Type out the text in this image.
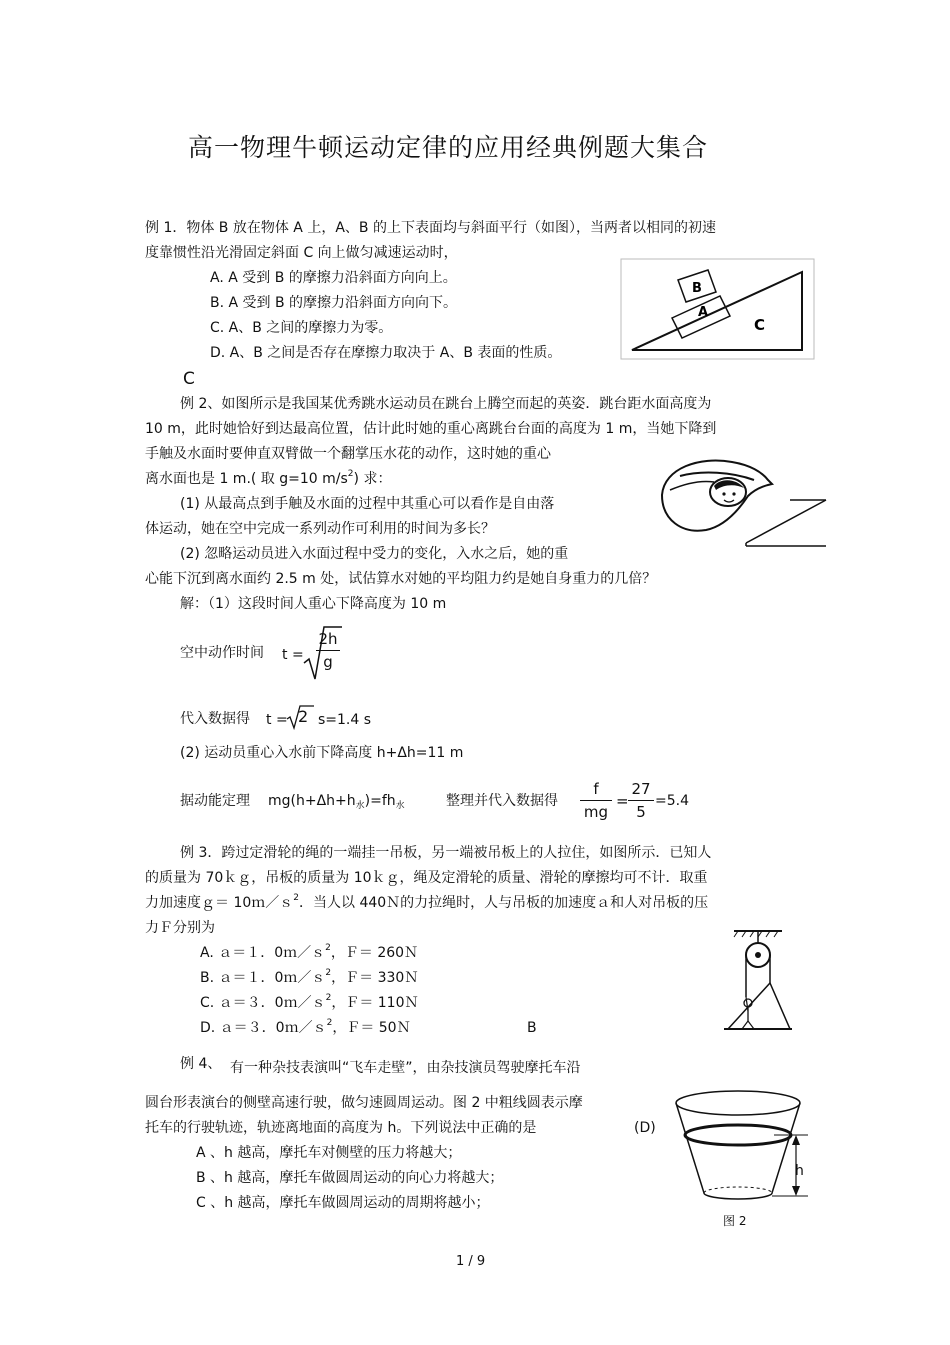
高一物理牛顿运动定律的应用经典例题大集合
例 1．物体 B 放在物体 A 上，A、B 的上下表面均与斜面平行（如图），当两者以相同的初速
度靠惯性沿光滑固定斜面 C 向上做匀减速运动时，
A. A 受到 B 的摩擦力沿斜面方向向上。
B. A 受到 B 的摩擦力沿斜面方向向下。
C. A、B 之间的摩擦力为零。
D. A、B 之间是否存在摩擦力取决于 A、B 表面的性质。
C
B
A
C
例 2、如图所示是我国某优秀跳水运动员在跳台上腾空而起的英姿．跳台距水面高度为
10 m，此时她恰好到达最高位置，估计此时她的重心离跳台台面的高度为 1 m，当她下降到
手触及水面时要伸直双臂做一个翻掌压水花的动作，这时她的重心
离水面也是 1 m.( 取 g=10 $m/s^2$) 求：
(1) 从最高点到手触及水面的过程中其重心可以看作是自由落
体运动，她在空中完成一系列动作可利用的时间为多长？
(2) 忽略运动员进入水面过程中受力的变化，入水之后，她的重
心能下沉到离水面约 2.5 m 处，试估算水对她的平均阻力约是她自身重力的几倍？
解：（1）这段时间人重心下降高度为 10 m
空中动作时间 t =
2h
g
代入数据得 t = 2 s=1.4 s
(2) 运动员重心入水前下降高度 h+Δh=11 m
据动能定理 $mg(h+\Delta h+h_水)=fh_水$	整理并代入数据得
f
mg
=
27
5
=5.4
例 3．跨过定滑轮的绳的一端挂一吊板，另一端被吊板上的人拉住，如图所示．已知人
的质量为 70ｋｇ，吊板的质量为 10ｋｇ，绳及定滑轮的质量、滑轮的摩擦均可不计．取重
力加速度ｇ＝ 10ｍ／ｓ$^2$．当人以 440Ｎ的力拉绳时，人与吊板的加速度ａ和人对吊板的压
力Ｆ分别为
A. ａ＝１．0ｍ／ｓ$^2$，Ｆ＝ 260Ｎ
B. ａ＝１．0ｍ／ｓ$^2$，Ｆ＝ 330Ｎ
C. ａ＝３．0ｍ／ｓ$^2$，Ｆ＝ 110Ｎ
D. ａ＝３．0ｍ／ｓ$^2$，Ｆ＝ 50Ｎ	B
例 4、 有一种杂技表演叫“飞车走壁”，由杂技演员驾驶摩托车沿
圆台形表演台的侧壁高速行驶，做匀速圆周运动。图 2 中粗线圆表示摩
托车的行驶轨迹，轨迹离地面的高度为 h。下列说法中正确的是	(D)
A 、h 越高，摩托车对侧壁的压力将越大；
B 、h 越高，摩托车做圆周运动的向心力将越大；
C 、h 越高，摩托车做圆周运动的周期将越小；
h
图 2
1 / 9
